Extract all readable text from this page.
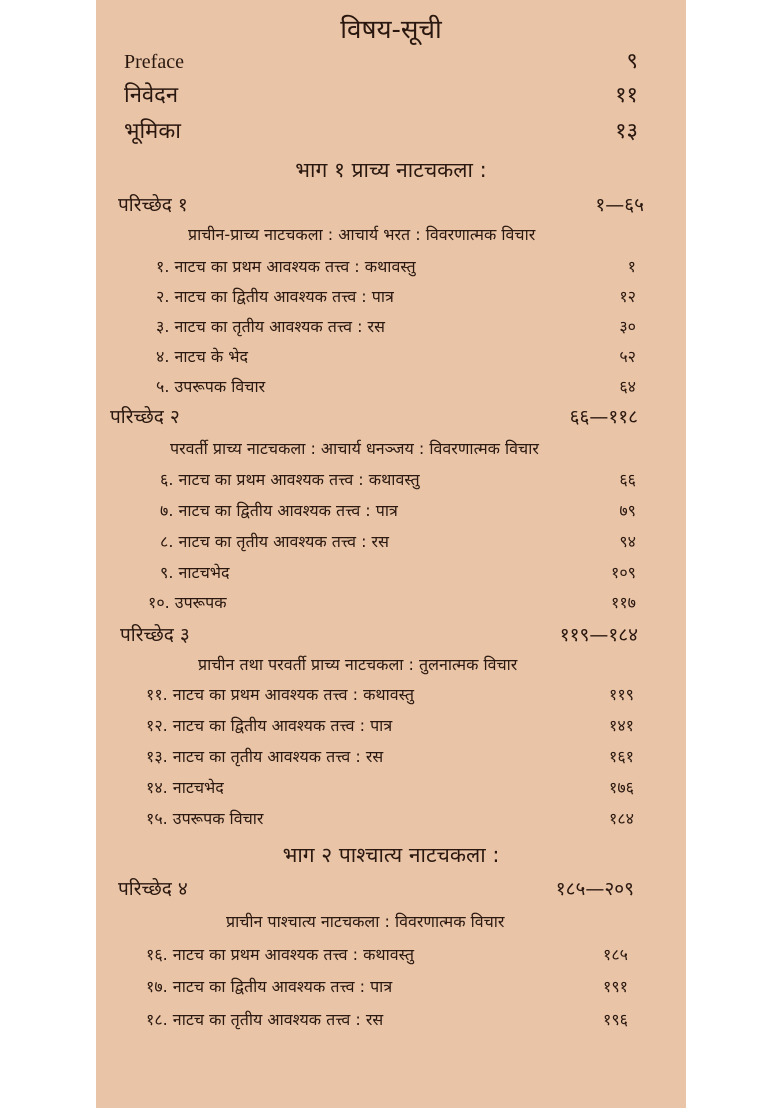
विषय-सूची
Preface	९
निवेदन	११
भूमिका	१३
भाग १ प्राच्य नाटचकला :
परिच्छेद १	१—६५
प्राचीन-प्राच्य नाटचकला : आचार्य भरत : विवरणात्मक विचार
१. नाटच का प्रथम आवश्यक तत्त्व : कथावस्तु	१
२. नाटच का द्वितीय आवश्यक तत्त्व : पात्र	१२
३. नाटच का तृतीय आवश्यक तत्त्व : रस	३०
४. नाटच के भेद	५२
५. उपरूपक विचार	६४
परिच्छेद २	६६—११८
परवर्ती प्राच्य नाटचकला : आचार्य धनञ्जय : विवरणात्मक विचार
६. नाटच का प्रथम आवश्यक तत्त्व : कथावस्तु	६६
७. नाटच का द्वितीय आवश्यक तत्त्व : पात्र	७९
८. नाटच का तृतीय आवश्यक तत्त्व : रस	९४
९. नाटचभेद	१०९
१०. उपरूपक	११७
परिच्छेद ३	११९—१८४
प्राचीन तथा परवर्ती प्राच्य नाटचकला : तुलनात्मक विचार
११. नाटच का प्रथम आवश्यक तत्त्व : कथावस्तु	११९
१२. नाटच का द्वितीय आवश्यक तत्त्व : पात्र	१४१
१३. नाटच का तृतीय आवश्यक तत्त्व : रस	१६१
१४. नाटचभेद	१७६
१५. उपरूपक विचार	१८४
भाग २ पाश्चात्य नाटचकला :
परिच्छेद ४	१८५—२०९
प्राचीन पाश्चात्य नाटचकला : विवरणात्मक विचार
१६. नाटच का प्रथम आवश्यक तत्त्व : कथावस्तु	१८५
१७. नाटच का द्वितीय आवश्यक तत्त्व : पात्र	१९१
१८. नाटच का तृतीय आवश्यक तत्त्व : रस	१९६
